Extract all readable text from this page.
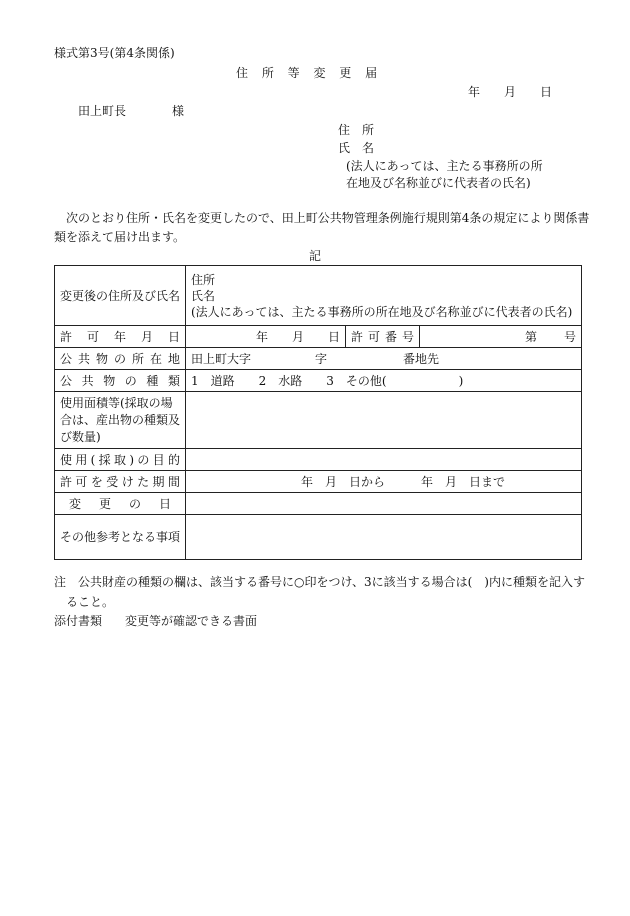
様式第3号(第4条関係)
住 所 等 変 更 届
年　　月　　日
田上町長	様
住　所
氏　名
(法人にあっては、主たる事務所の所
在地及び名称並びに代表者の氏名)
次のとおり住所・氏名を変更したので、田上町公共物管理条例施行規則第4条の規定により関係書
類を添えて届け出ます。
記
変更後の住所及び氏名	住所
氏名
(法人にあっては、主たる事務所の所在地及び名称並びに代表者の氏名)		

許可年月日	年　　月　　日	許可番号	第 号

公共物の所在地	田上町大字 字 番地先		
公共物の種類	1　道路　　2　水路　　3　その他(　　　　　　)		
使用面積等(採取の場合は、産出物の種類及び数量)			
使用(採取)の目的			
許可を受けた期間	年　月　日から　　　年　月　日まで		
変更の日			
その他参考となる事項			
注　公共財産の種類の欄は、該当する番号に○印をつけ、3に該当する場合は(　)内に種類を記入す
ること。
添付書類 変更等が確認できる書面
